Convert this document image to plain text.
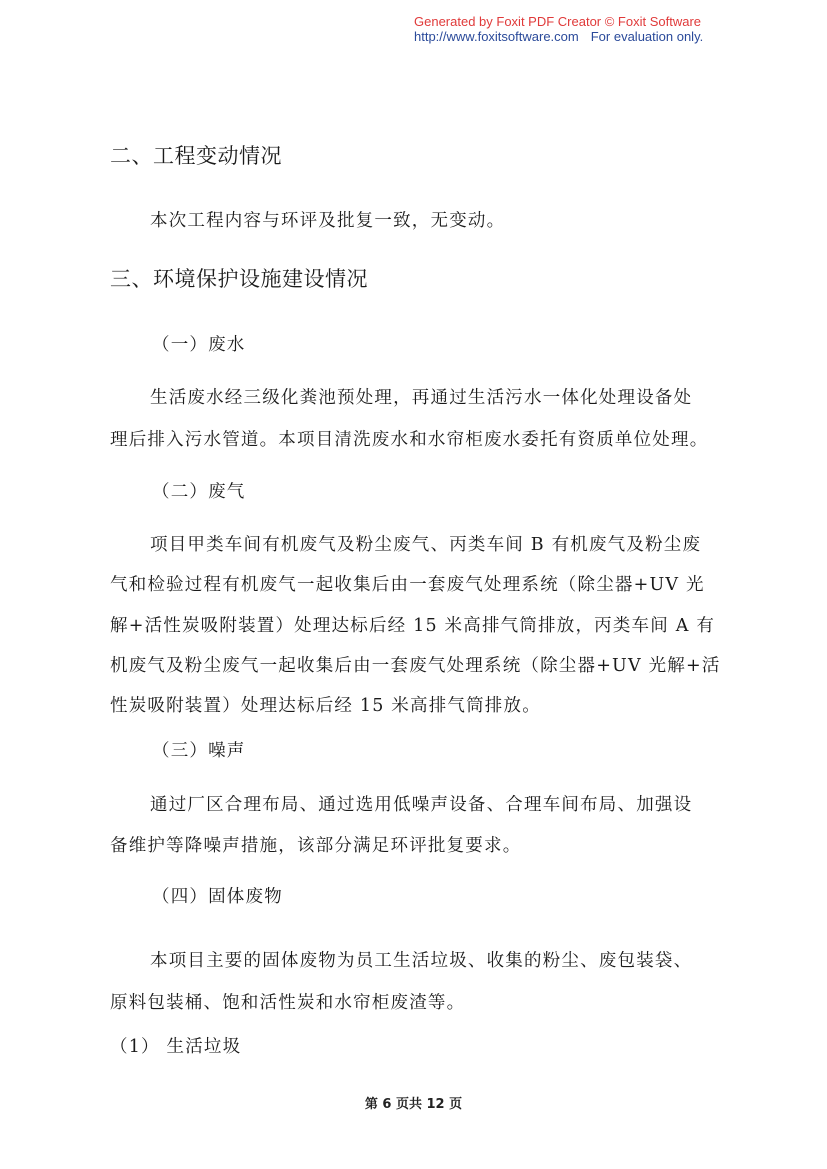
Generated by Foxit PDF Creator © Foxit Software
http://www.foxitsoftware.com For evaluation only.
二、工程变动情况
本次工程内容与环评及批复一致，无变动。
三、环境保护设施建设情况
（一）废水
生活废水经三级化粪池预处理，再通过生活污水一体化处理设备处
理后排入污水管道。本项目清洗废水和水帘柜废水委托有资质单位处理。
（二）废气
项目甲类车间有机废气及粉尘废气、丙类车间 B 有机废气及粉尘废
气和检验过程有机废气一起收集后由一套废气处理系统（除尘器+UV 光
解+活性炭吸附装置）处理达标后经 15 米高排气筒排放，丙类车间 A 有
机废气及粉尘废气一起收集后由一套废气处理系统（除尘器+UV 光解+活
性炭吸附装置）处理达标后经 15 米高排气筒排放。
（三）噪声
通过厂区合理布局、通过选用低噪声设备、合理车间布局、加强设
备维护等降噪声措施，该部分满足环评批复要求。
（四）固体废物
本项目主要的固体废物为员工生活垃圾、收集的粉尘、废包装袋、
原料包装桶、饱和活性炭和水帘柜废渣等。
（1） 生活垃圾
第 6 页共 12 页
